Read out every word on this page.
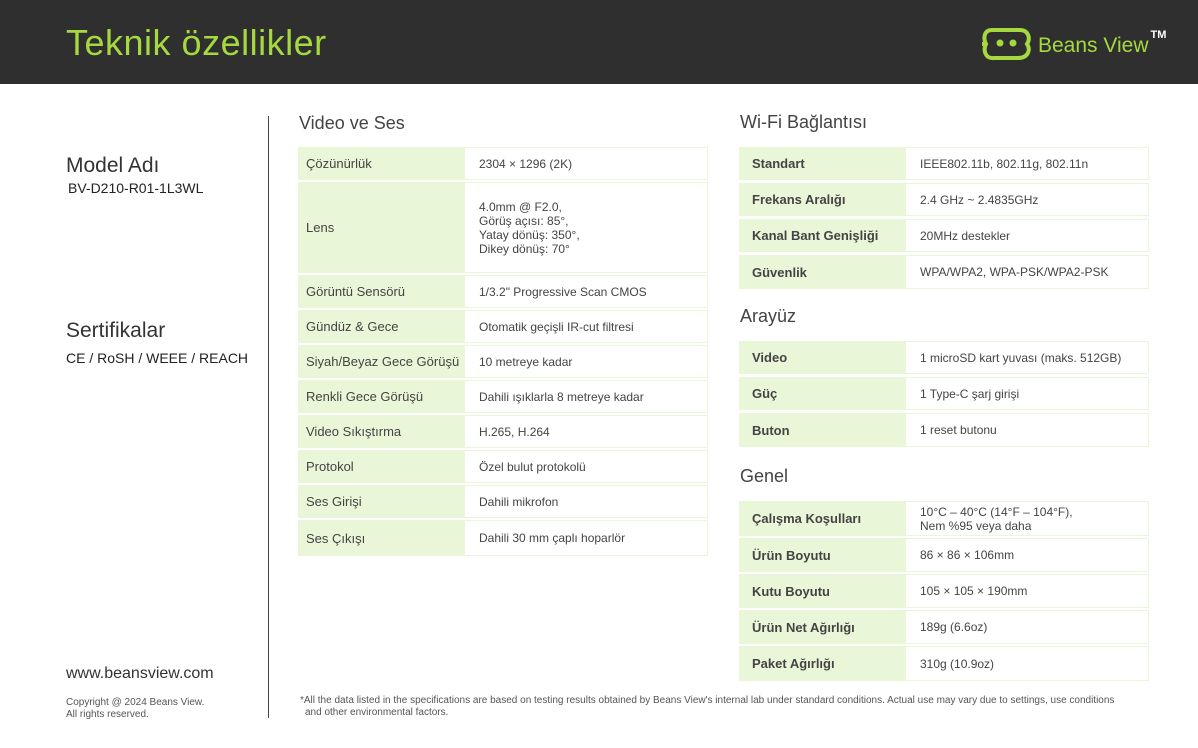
Teknik özellikler	Beans View TM
Model Adı
BV-D210-R01-1L3WL
Sertifikalar
CE / RoSH / WEEE / REACH
www.beansview.com
Copyright @ 2024 Beans View.
All rights reserved.
Video ve Ses
Çözünürlük	2304 × 1296 (2K)
Lens
4.0mm @ F2.0,
Görüş açısı: 85°,
Yatay dönüş: 350°,
Dikey dönüş: 70°
Görüntü Sensörü	1/3.2" Progressive Scan CMOS
Gündüz & Gece	Otomatik geçişli IR-cut filtresi
Siyah/Beyaz Gece Görüşü	10 metreye kadar
Renkli Gece Görüşü	Dahili ışıklarla 8 metreye kadar
Video Sıkıştırma	H.265, H.264
Protokol	Özel bulut protokolü
Ses Girişi	Dahili mikrofon
Ses Çıkışı	Dahili 30 mm çaplı hoparlör
Wi-Fi Bağlantısı
Standart	IEEE802.11b, 802.11g, 802.11n
Frekans Aralığı	2.4 GHz ~ 2.4835GHz
Kanal Bant Genişliği	20MHz destekler
Güvenlik	WPA/WPA2, WPA-PSK/WPA2-PSK
Arayüz
Video	1 microSD kart yuvası (maks. 512GB)
Güç	1 Type-C şarj girişi
Buton	1 reset butonu
Genel
Çalışma Koşulları	10°C – 40°C (14°F – 104°F),
Nem %95 veya daha
Ürün Boyutu	86 × 86 × 106mm
Kutu Boyutu	105 × 105 × 190mm
Ürün Net Ağırlığı	189g (6.6oz)
Paket Ağırlığı	310g (10.9oz)
*All the data listed in the specifications are based on testing results obtained by Beans View's internal lab under standard conditions. Actual use may vary due to settings, use conditions
and other environmental factors.
